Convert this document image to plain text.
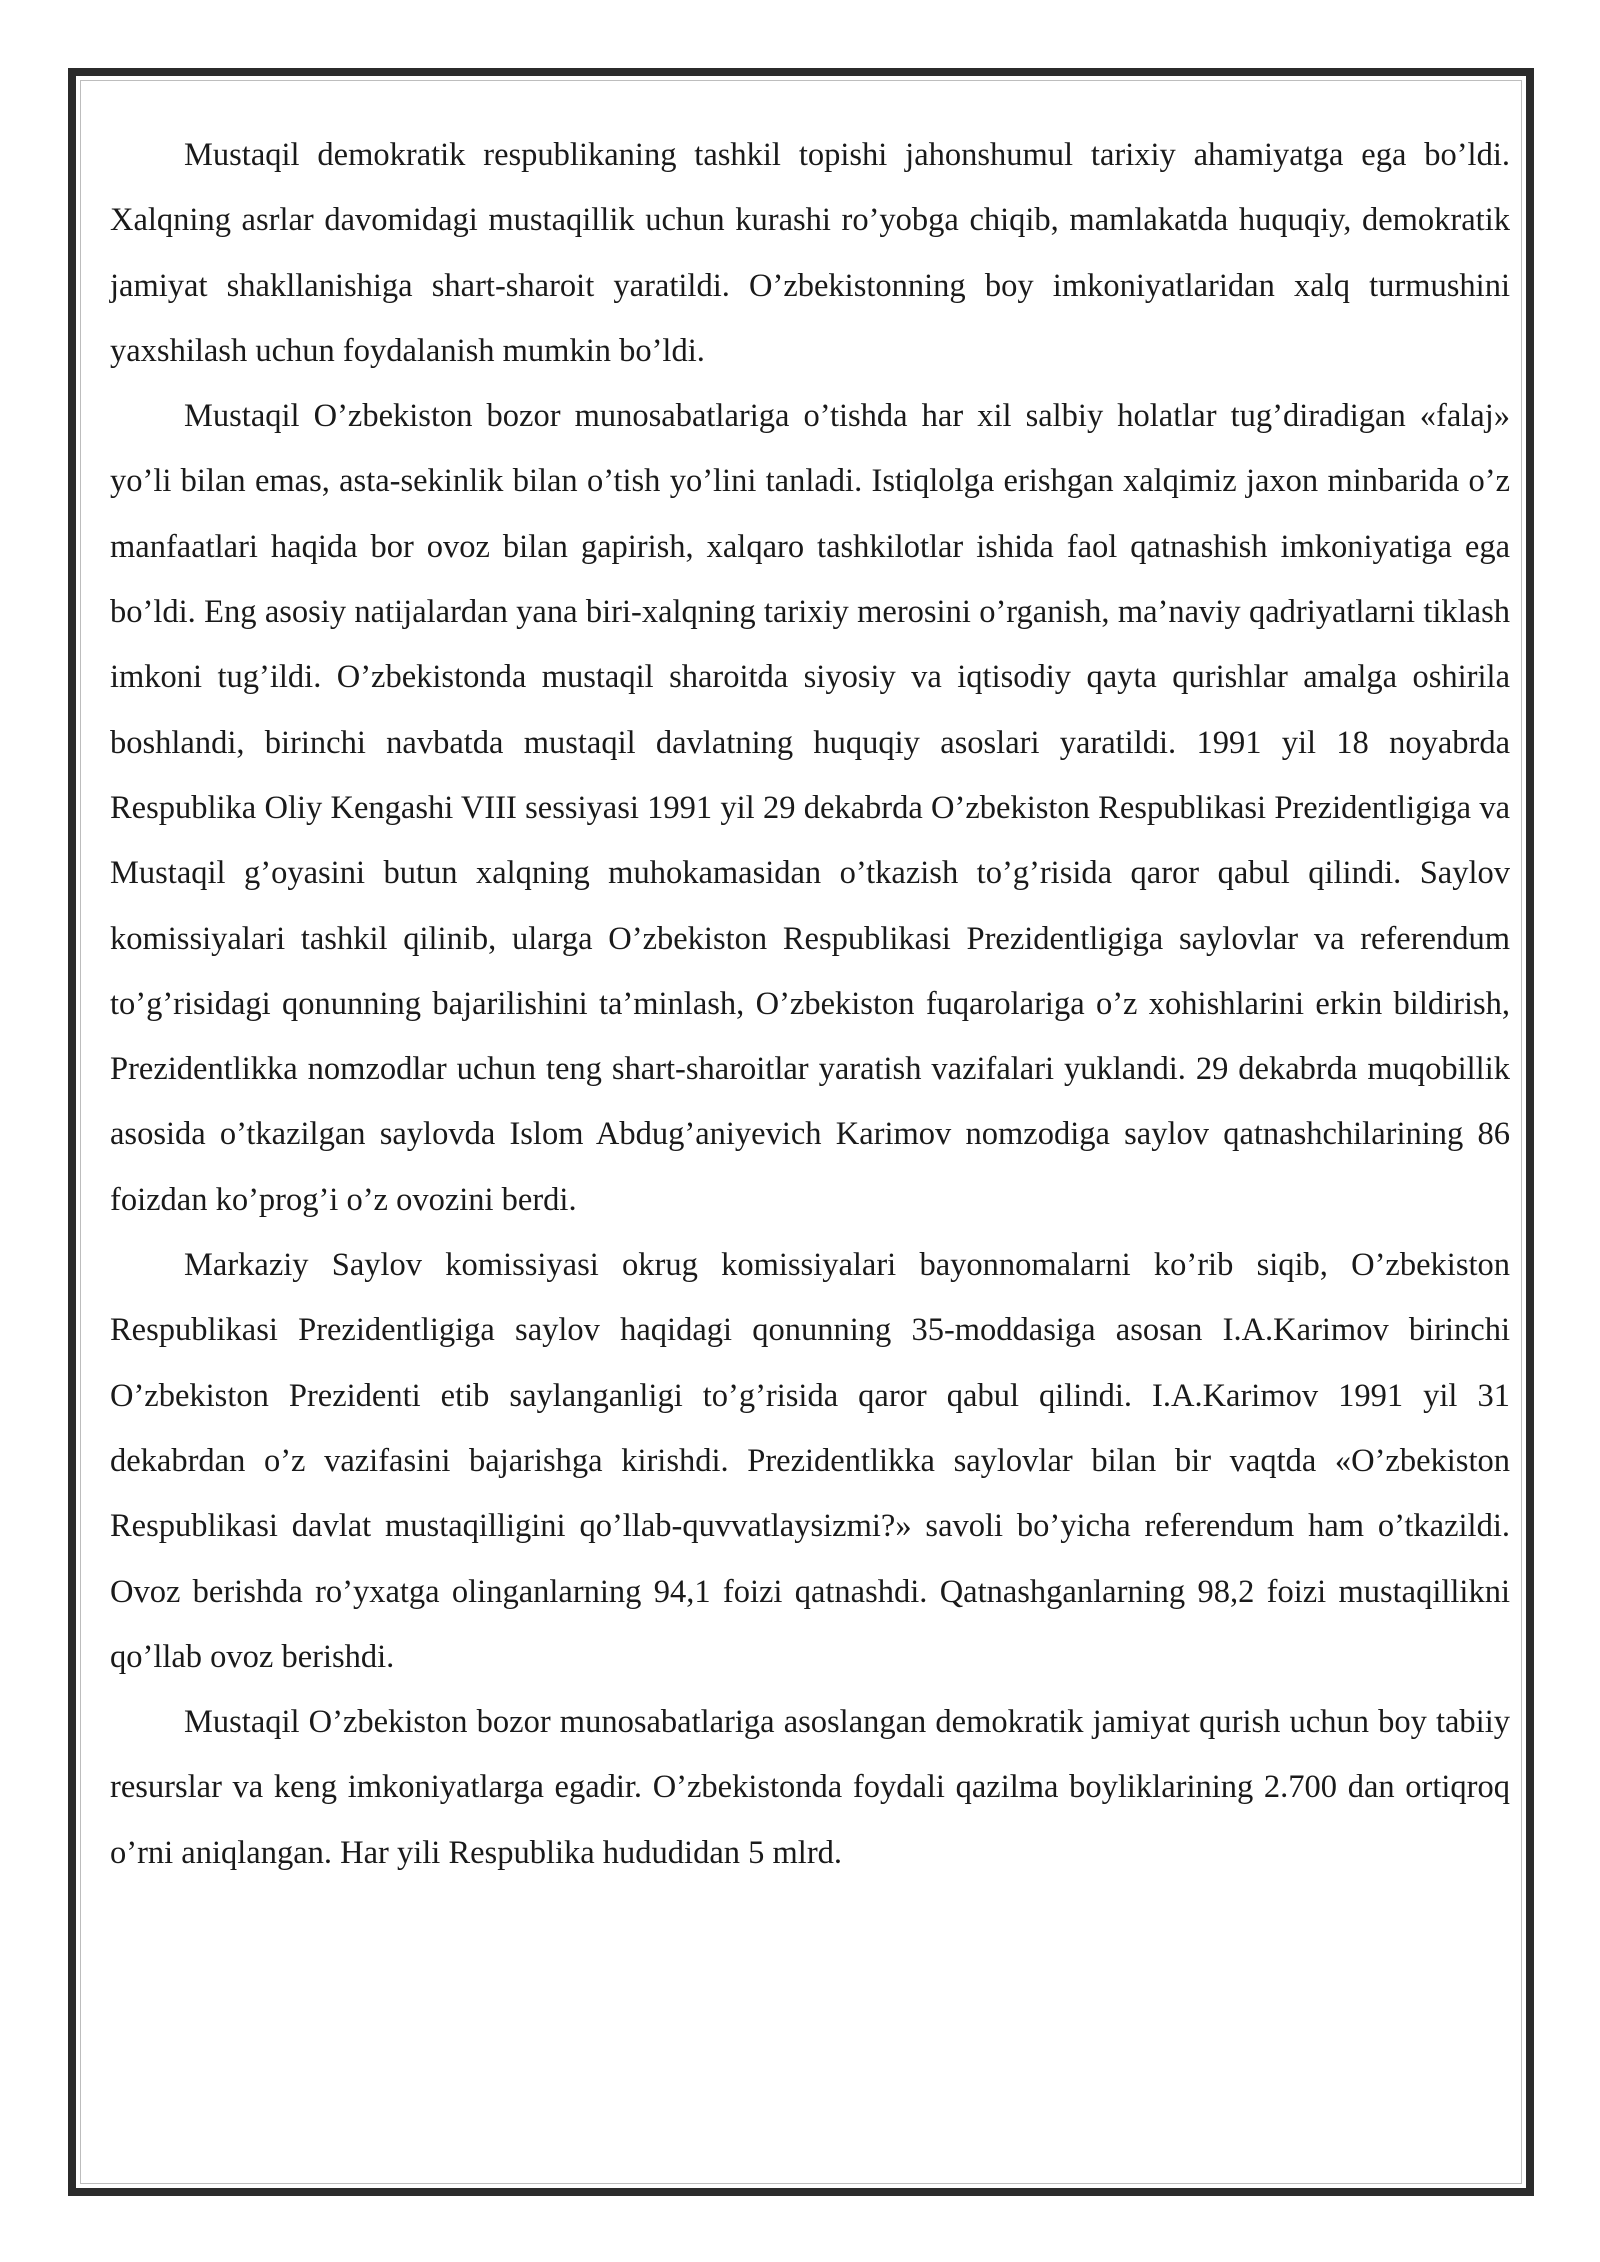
Mustaqil demokratik respublikaning tashkil topishi jahonshumul tarixiy ahamiyatga ega bo’ldi. Xalqning asrlar davomidagi mustaqillik uchun kurashi ro’yobga chiqib, mamlakatda huquqiy, demokratik jamiyat shakllanishiga shart-sharoit yaratildi. O’zbekistonning boy imkoniyatlaridan xalq turmushini yaxshilash uchun foydalanish mumkin bo’ldi.

Mustaqil O’zbekiston bozor munosabatlariga o’tishda har xil salbiy holatlar tug’diradigan «falaj» yo’li bilan emas, asta-sekinlik bilan o’tish yo’lini tanladi. Istiqlolga erishgan xalqimiz jaxon minbarida o’z manfaatlari haqida bor ovoz bilan gapirish, xalqaro tashkilotlar ishida faol qatnashish imkoniyatiga ega bo’ldi. Eng asosiy natijalardan yana biri-xalqning tarixiy merosini o’rganish, ma’naviy qadriyatlarni tiklash imkoni tug’ildi. O’zbekistonda mustaqil sharoitda siyosiy va iqtisodiy qayta qurishlar amalga oshirila boshlandi, birinchi navbatda mustaqil davlatning huquqiy asoslari yaratildi. 1991 yil 18 noyabrda Respublika Oliy Kengashi VIII sessiyasi 1991 yil 29 dekabrda O’zbekiston Respublikasi Prezidentligiga va Mustaqil g’oyasini butun xalqning muhokamasidan o’tkazish to’g’risida qaror qabul qilindi. Saylov komissiyalari tashkil qilinib, ularga O’zbekiston Respublikasi Prezidentligiga saylovlar va referendum to’g’risidagi qonunning bajarilishini ta’minlash, O’zbekiston fuqarolariga o’z xohishlarini erkin bildirish, Prezidentlikka nomzodlar uchun teng shart-sharoitlar yaratish vazifalari yuklandi. 29 dekabrda muqobillik asosida o’tkazilgan saylovda Islom Abdug’aniyevich Karimov nomzodiga saylov qatnashchilarining 86 foizdan ko’prog’i o’z ovozini berdi.

Markaziy Saylov komissiyasi okrug komissiyalari bayonnomalarni ko’rib siqib, O’zbekiston Respublikasi Prezidentligiga saylov haqidagi qonunning 35-moddasiga asosan I.A.Karimov birinchi O’zbekiston Prezidenti etib saylanganligi to’g’risida qaror qabul qilindi. I.A.Karimov 1991 yil 31 dekabrdan o’z vazifasini bajarishga kirishdi. Prezidentlikka saylovlar bilan bir vaqtda «O’zbekiston Respublikasi davlat mustaqilligini qo’llab-quvvatlaysizmi?» savoli bo’yicha referendum ham o’tkazildi. Ovoz berishda ro’yxatga olinganlarning 94,1 foizi qatnashdi. Qatnashganlarning 98,2 foizi mustaqillikni qo’llab ovoz berishdi.

Mustaqil O’zbekiston bozor munosabatlariga asoslangan demokratik jamiyat qurish uchun boy tabiiy resurslar va keng imkoniyatlarga egadir. O’zbekistonda foydali qazilma boyliklarining 2.700 dan ortiqroq o’rni aniqlangan. Har yili Respublika hududidan 5 mlrd.
